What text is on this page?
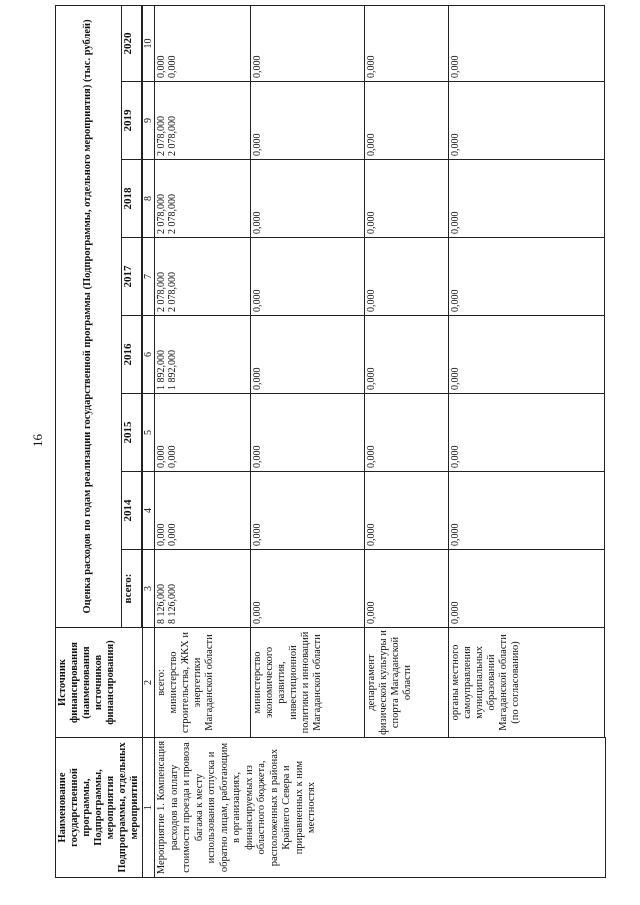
16
Наименование государственной программы, Подпрограммы, мероприятия Подпрограммы, отдельных мероприятий	Источник финансирования (наименования источников финансирования)	Оценка расходов по годам реализации государственной программы (Подпрограммы, отдельного мероприятия) (тыс. рублей)							
		всего:	2014	2015	2016	2017	2018	2019	2020

1	2	3	4	5	6	7	8	9	10
Мероприятие 1. Компенсация расходов на оплату стоимости проезда и провоза багажа к месту использования отпуска и обратно лицам, работающим в организациях, финансируемых из областного бюджета, расположенных в районах Крайнего Севера и приравненных к ним местностях	всего: министерство строительства, ЖКХ и энергетики Магаданской области	8 126,000 8 126,000	0,000 0,000	0,000 0,000	1 892,000 1 892,000	2 078,000 2 078,000	2 078,000 2 078,000	2 078,000 2 078,000	0,000 0,000

	министерство экономического развития, инвестиционной политики и инноваций Магаданской области	0,000	0,000	0,000	0,000	0,000	0,000	0,000	0,000
	департамент физической культуры и спорта Магаданской области	0,000	0,000	0,000	0,000	0,000	0,000	0,000	0,000
	органы местного самоуправления муниципальных образований Магаданской области (по согласованию)	0,000	0,000	0,000	0,000	0,000	0,000	0,000	0,000
